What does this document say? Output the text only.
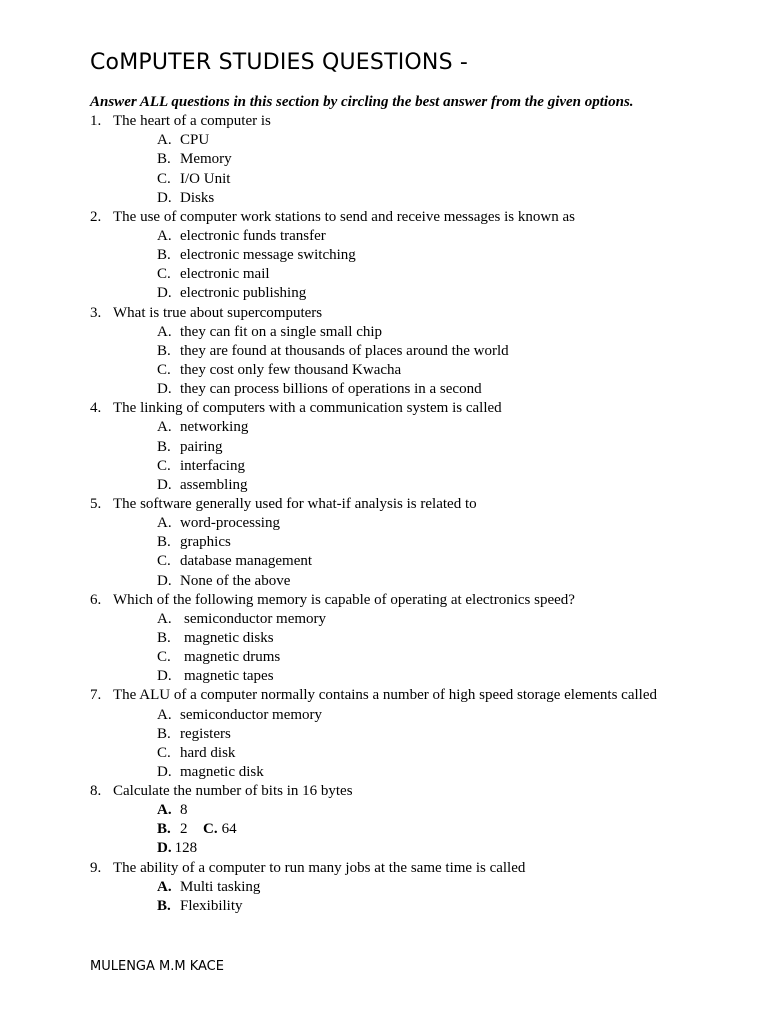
CoMPUTER STUDIES QUESTIONS -
Answer ALL questions in this section by circling the best answer from the given options.
1. The heart of a computer is
A. CPU
B. Memory
C. I/O Unit
D. Disks
2. The use of computer work stations to send and receive messages is known as
A. electronic funds transfer
B. electronic message switching
C. electronic mail
D. electronic publishing
3. What is true about supercomputers
A. they can fit on a single small chip
B. they are found at thousands of places around the world
C. they cost only few thousand Kwacha
D. they can process billions of operations in a second
4. The linking of computers with a communication system is called
A. networking
B. pairing
C. interfacing
D. assembling
5. The software generally used for what-if analysis is related to
A. word-processing
B. graphics
C. database management
D. None of the above
6. Which of the following memory is capable of operating at electronics speed?
A. semiconductor memory
B. magnetic disks
C. magnetic drums
D. magnetic tapes
7. The ALU of a computer normally contains a number of high speed storage elements called
A. semiconductor memory
B. registers
C. hard disk
D. magnetic disk
8. Calculate the number of bits in 16 bytes
A. 8
B. 2 C. 64
D. 128
9. The ability of a computer to run many jobs at the same time is called
A. Multi tasking
B. Flexibility
MULENGA M.M KACE
